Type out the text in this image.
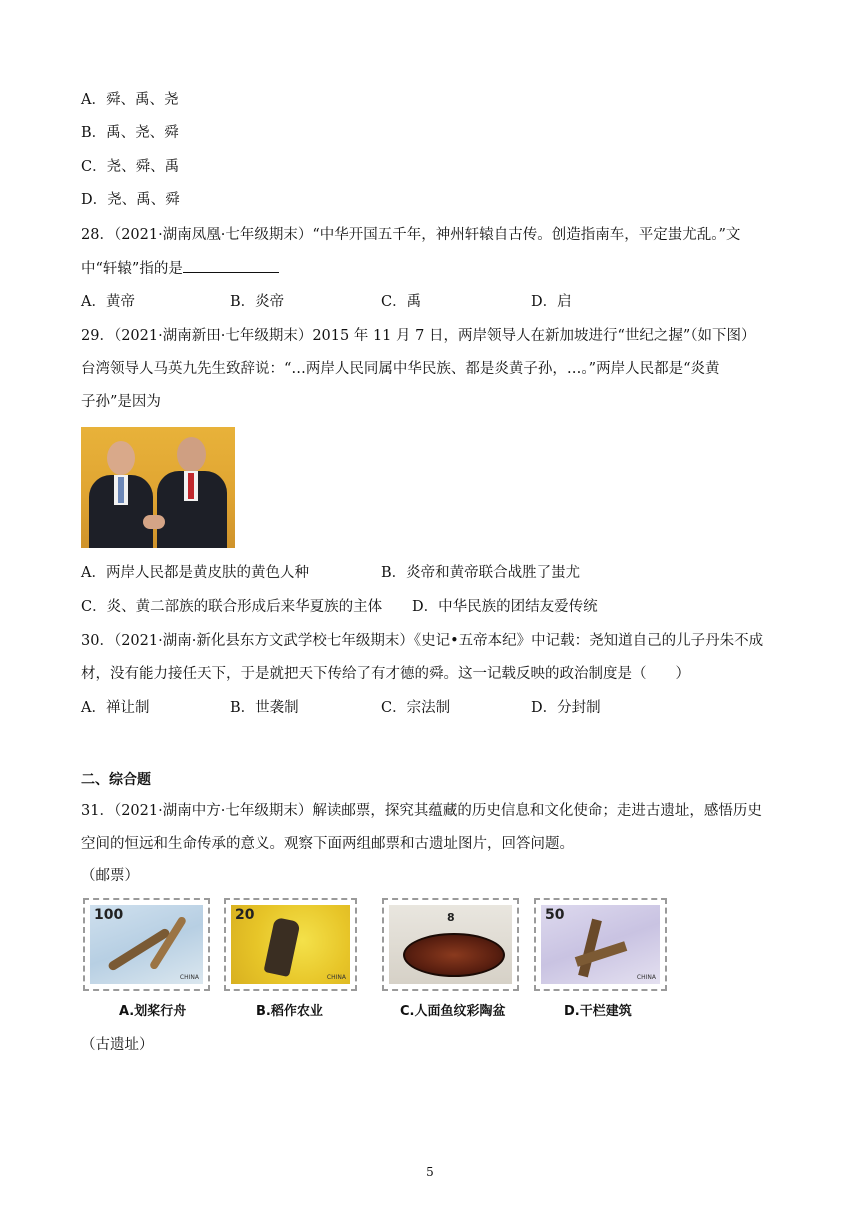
A．舜、禹、尧
B．禹、尧、舜
C．尧、舜、禹
D．尧、禹、舜
28．（2021·湖南凤凰·七年级期末）“中华开国五千年，神州轩辕自古传。创造指南车，平定蚩尤乱。”文
中“轩辕”指的是
A．黄帝	B．炎帝	C．禹	D．启
29．（2021·湖南新田·七年级期末）2015 年 11 月 7 日，两岸领导人在新加坡进行“世纪之握”（如下图）
台湾领导人马英九先生致辞说：“…两岸人民同属中华民族、都是炎黄子孙，…。”两岸人民都是“炎黄
子孙”是因为
A．两岸人民都是黄皮肤的黄色人种	B．炎帝和黄帝联合战胜了蚩尤
C．炎、黄二部族的联合形成后来华夏族的主体 D．中华民族的团结友爱传统
30．（2021·湖南·新化县东方文武学校七年级期末）《史记•五帝本纪》中记载：尧知道自己的儿子丹朱不成
材，没有能力接任天下，于是就把天下传给了有才德的舜。这一记载反映的政治制度是（　　）
A．禅让制	B．世袭制	C．宗法制	D．分封制
二、综合题
31．（2021·湖南中方·七年级期末）解读邮票，探究其蕴藏的历史信息和文化使命；走进古遗址，感悟历史
空间的恒远和生命传承的意义。观察下面两组邮票和古遗址图片，回答问题。
（邮票）
100
CHINA
20
CHINA
8	50
CHINA
A.划桨行舟	B.稻作农业	C.人面鱼纹彩陶盆	D.干栏建筑
（古遗址）
5
